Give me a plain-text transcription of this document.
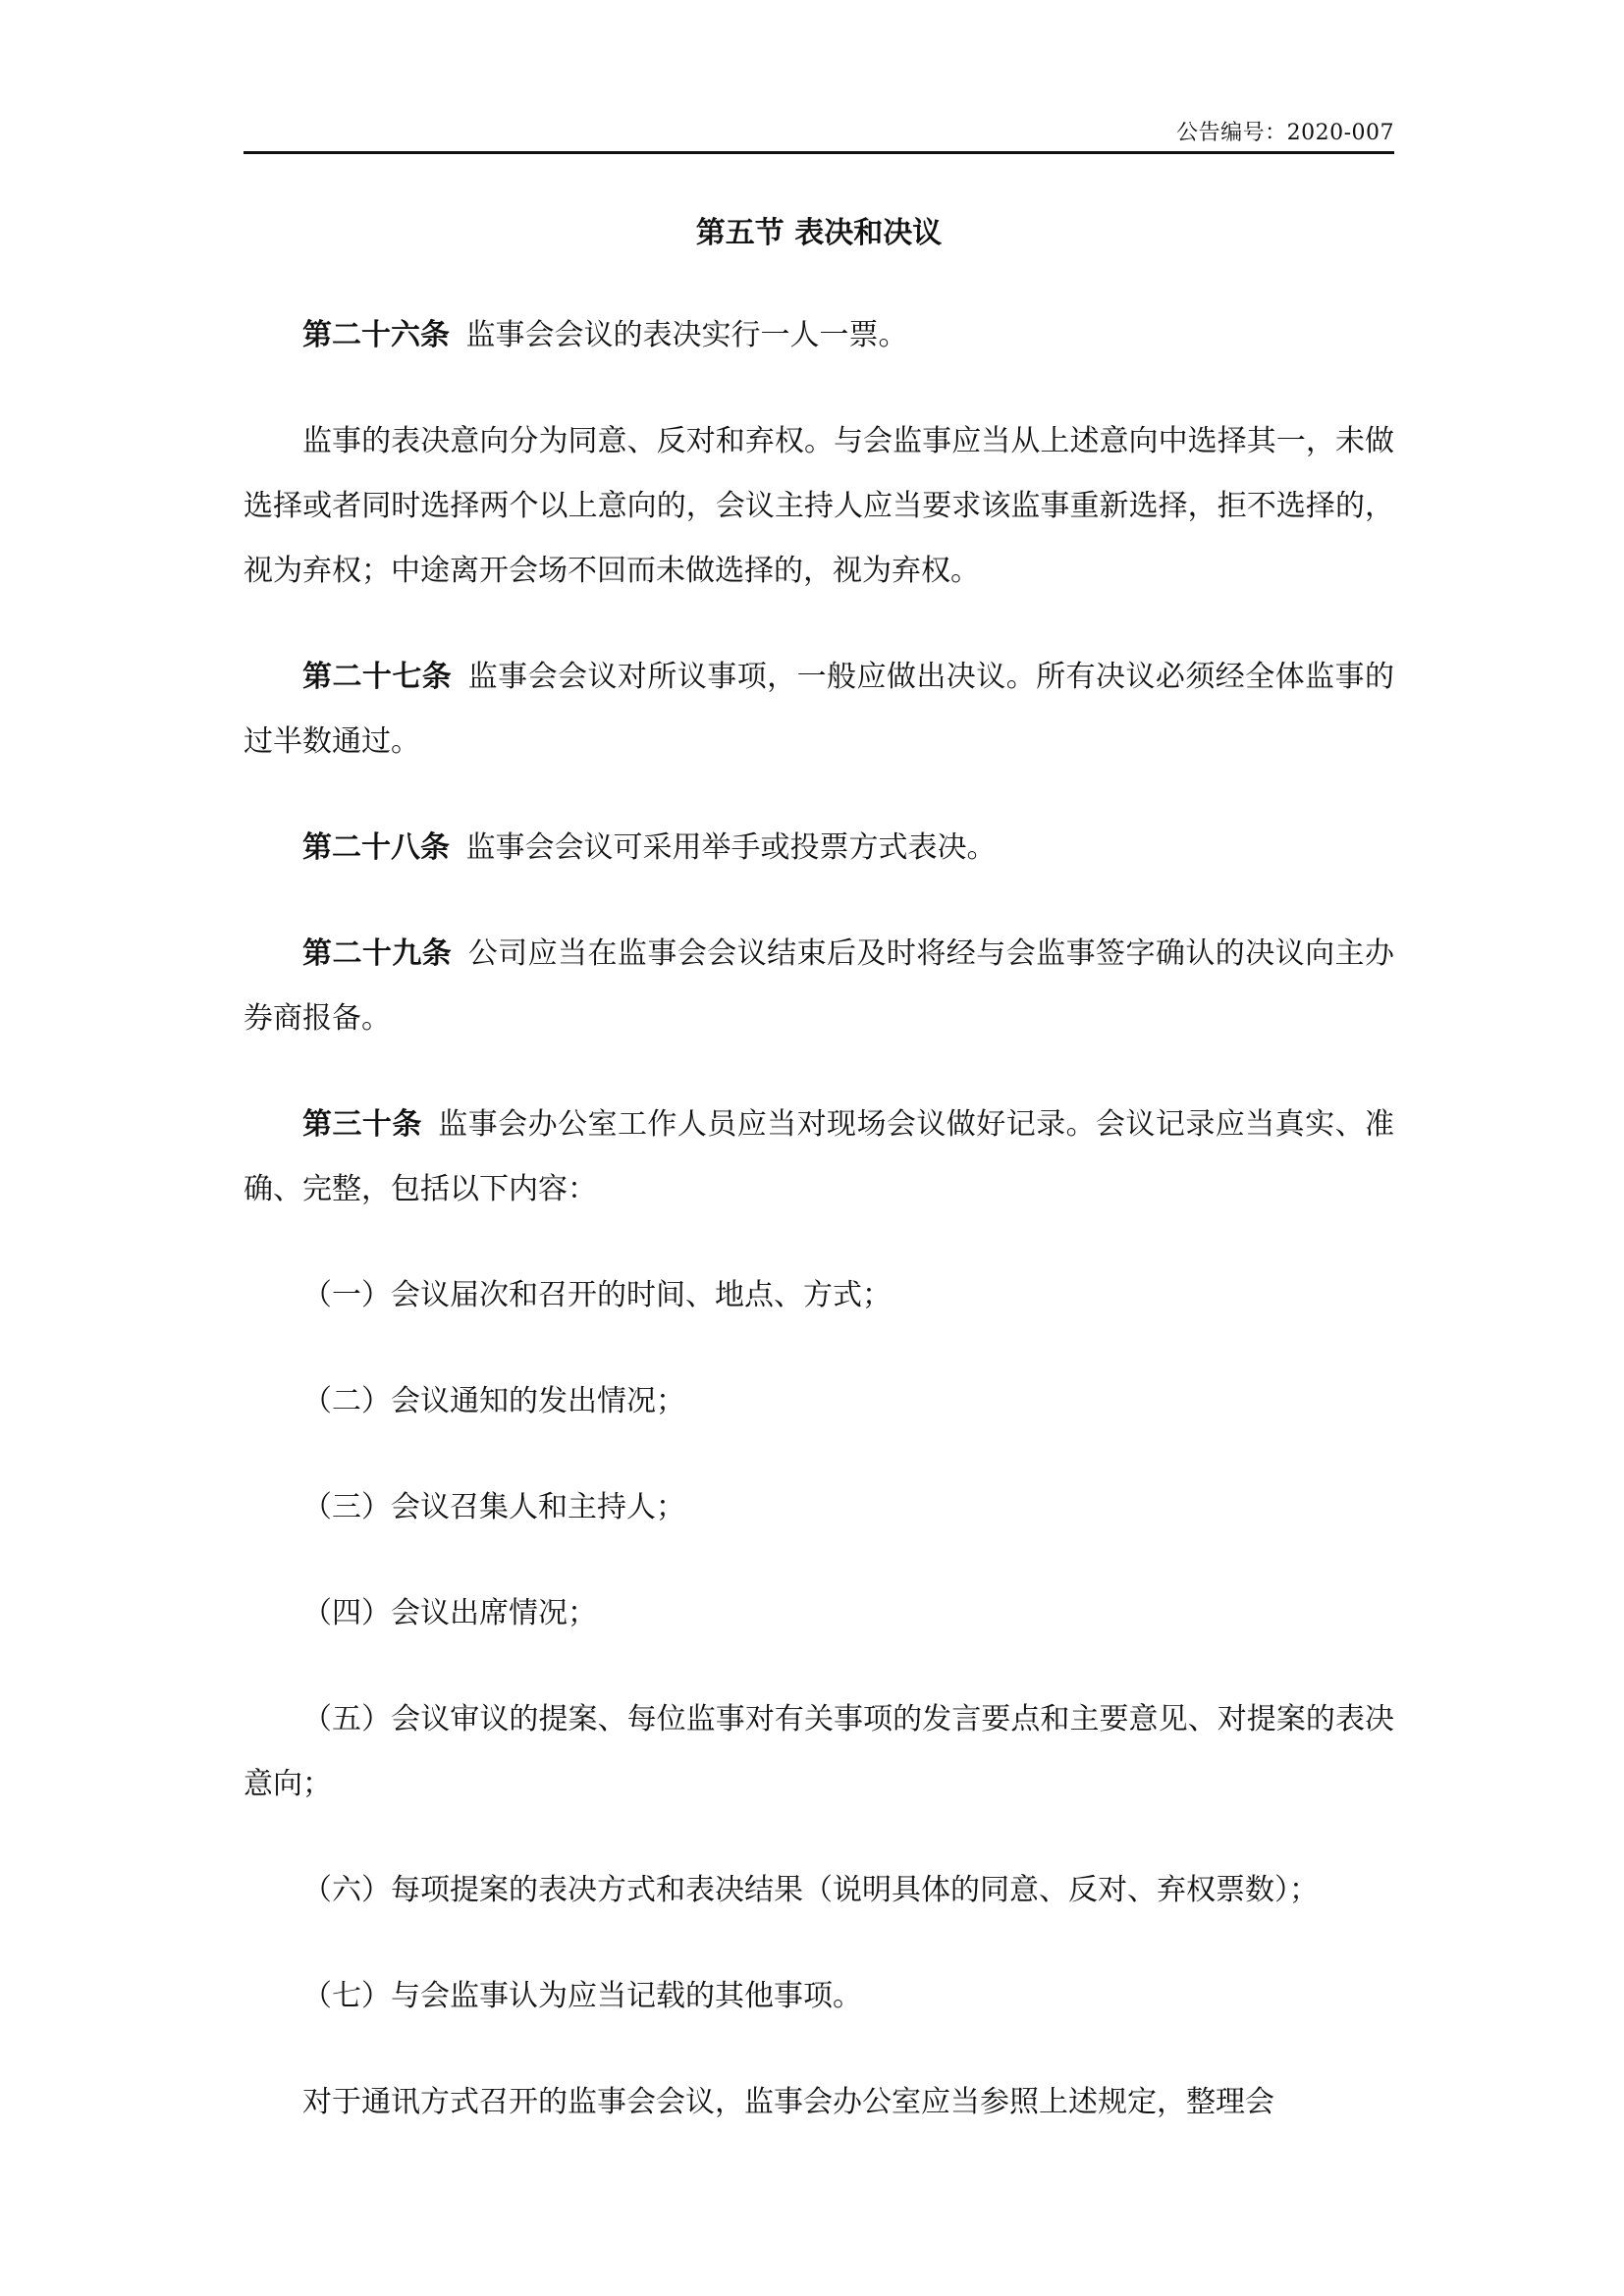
公告编号：2020-007
第五节 表决和决议

第二十六条 监事会会议的表决实行一人一票。

监事的表决意向分为同意、反对和弃权。与会监事应当从上述意向中选择其一，未做选择或者同时选择两个以上意向的，会议主持人应当要求该监事重新选择，拒不选择的，视为弃权；中途离开会场不回而未做选择的，视为弃权。

第二十七条 监事会会议对所议事项，一般应做出决议。所有决议必须经全体监事的过半数通过。

第二十八条 监事会会议可采用举手或投票方式表决。

第二十九条 公司应当在监事会会议结束后及时将经与会监事签字确认的决议向主办券商报备。

第三十条 监事会办公室工作人员应当对现场会议做好记录。会议记录应当真实、准确、完整，包括以下内容：

（一）会议届次和召开的时间、地点、方式；

（二）会议通知的发出情况；

（三）会议召集人和主持人；

（四）会议出席情况；

（五）会议审议的提案、每位监事对有关事项的发言要点和主要意见、对提案的表决意向；

（六）每项提案的表决方式和表决结果（说明具体的同意、反对、弃权票数）；

（七）与会监事认为应当记载的其他事项。

对于通讯方式召开的监事会会议，监事会办公室应当参照上述规定，整理会
